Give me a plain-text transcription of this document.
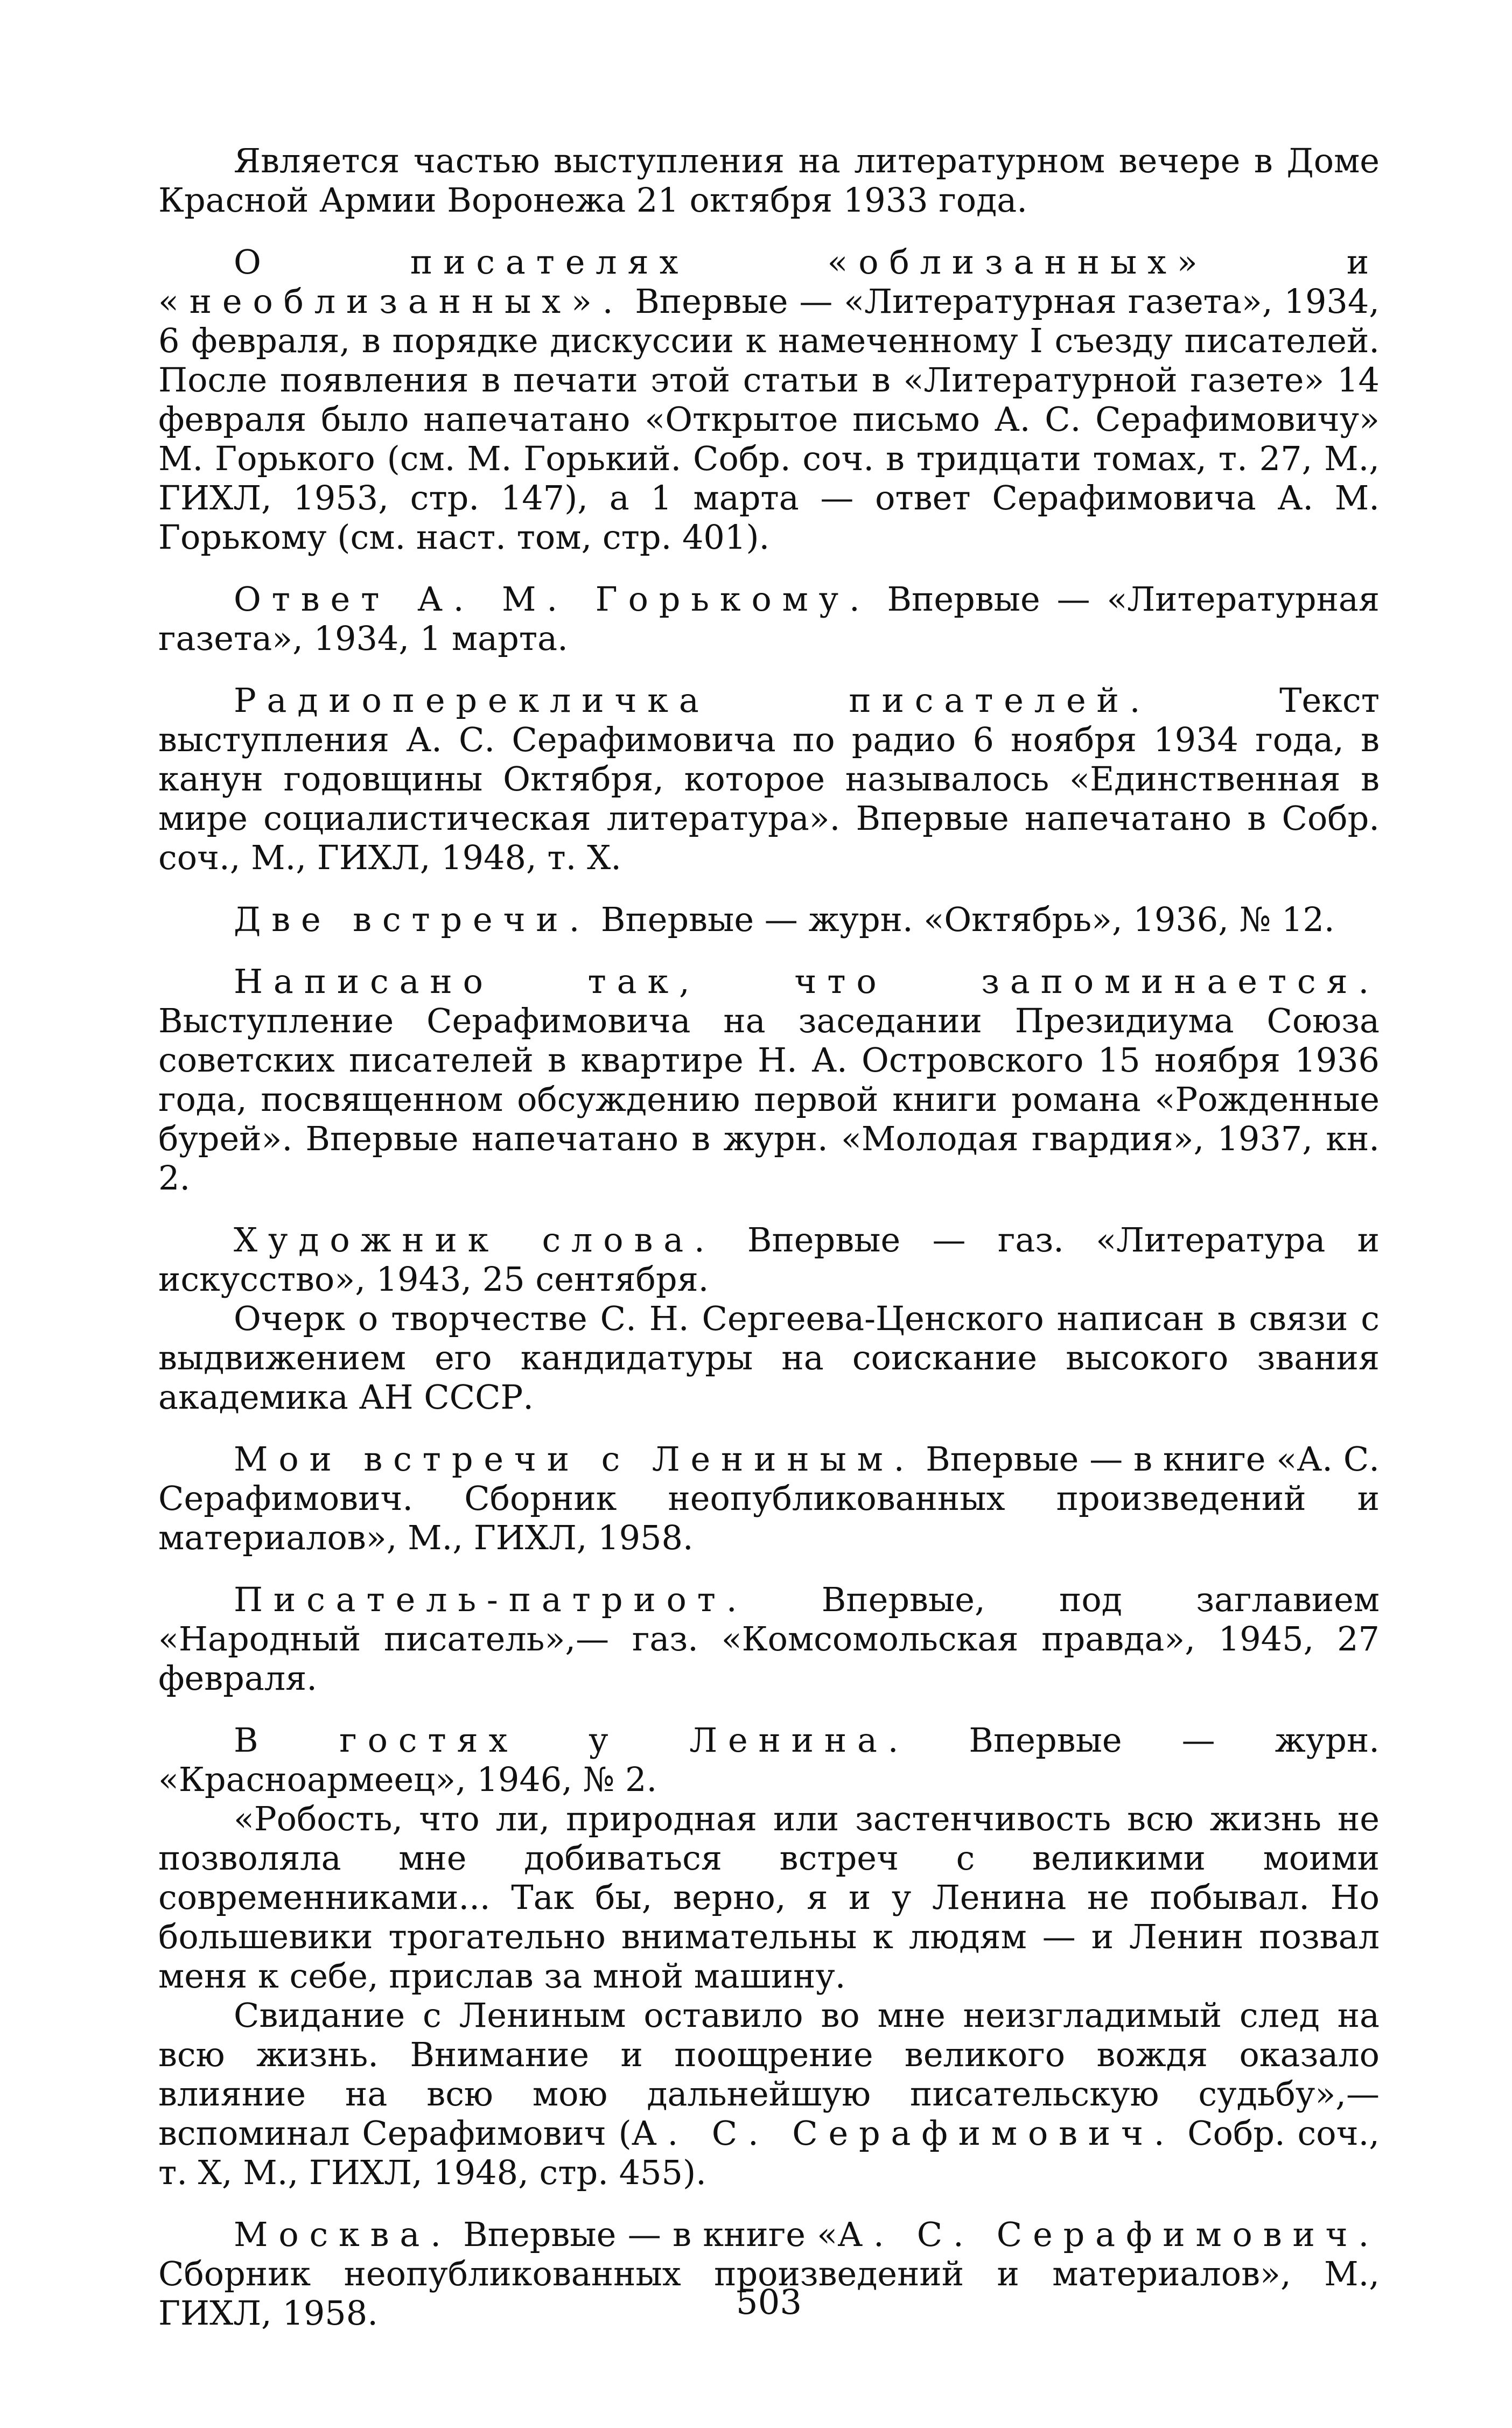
Является частью выступления на литературном вечере в Доме Красной Армии Воронежа 21 октября 1933 года.

О писателях «облизанных» и «необлизанных». Впервые — «Литературная газета», 1934, 6 февраля, в порядке дискуссии к намеченному I съезду писателей. После появления в печати этой статьи в «Литературной газете» 14 февраля было напечатано «Открытое письмо А. С. Серафимовичу» М. Горького (см. М. Горький. Собр. соч. в тридцати томах, т. 27, М., ГИХЛ, 1953, стр. 147), а 1 марта — ответ Серафимовича А. М. Горькому (см. наст. том, стр. 401).

Ответ А. М. Горькому. Впервые — «Литературная газета», 1934, 1 марта.

Радиоперекличка писателей. Текст выступления А. С. Серафимовича по радио 6 ноября 1934 года, в канун годовщины Октября, которое называлось «Единственная в мире социалистическая литература». Впервые напечатано в Собр. соч., М., ГИХЛ, 1948, т. X.

Две встречи. Впервые — журн. «Октябрь», 1936, № 12.

Написано так, что запоминается. Выступление Серафимовича на заседании Президиума Союза советских писателей в квартире Н. А. Островского 15 ноября 1936 года, посвященном обсуждению первой книги романа «Рожденные бурей». Впервые напечатано в журн. «Молодая гвардия», 1937, кн. 2.

Художник слова. Впервые — газ. «Литература и искусство», 1943, 25 сентября.

Очерк о творчестве С. Н. Сергеева-Ценского написан в связи с выдвижением его кандидатуры на соискание высокого звания академика АН СССР.

Мои встречи с Лениным. Впервые — в книге «А. С. Серафимович. Сборник неопубликованных произведений и материалов», М., ГИХЛ, 1958.

Писатель-патриот. Впервые, под заглавием «Народный писатель»,— газ. «Комсомольская правда», 1945, 27 февраля.

В гостях у Ленина. Впервые — журн. «Красноармеец», 1946, № 2.

«Робость, что ли, природная или застенчивость всю жизнь не позволяла мне добиваться встреч с великими моими современниками... Так бы, верно, я и у Ленина не побывал. Но большевики трогательно внимательны к людям — и Ленин позвал меня к себе, прислав за мной машину.

Свидание с Лениным оставило во мне неизгладимый след на всю жизнь. Внимание и поощрение великого вождя оказало влияние на всю мою дальнейшую писательскую судьбу»,— вспоминал Серафимович (А. С. Серафимович. Собр. соч., т. X, М., ГИХЛ, 1948, стр. 455).

Москва. Впервые — в книге «А. С. Серафимович. Сборник неопубликованных произведений и материалов», М., ГИХЛ, 1958.	503
